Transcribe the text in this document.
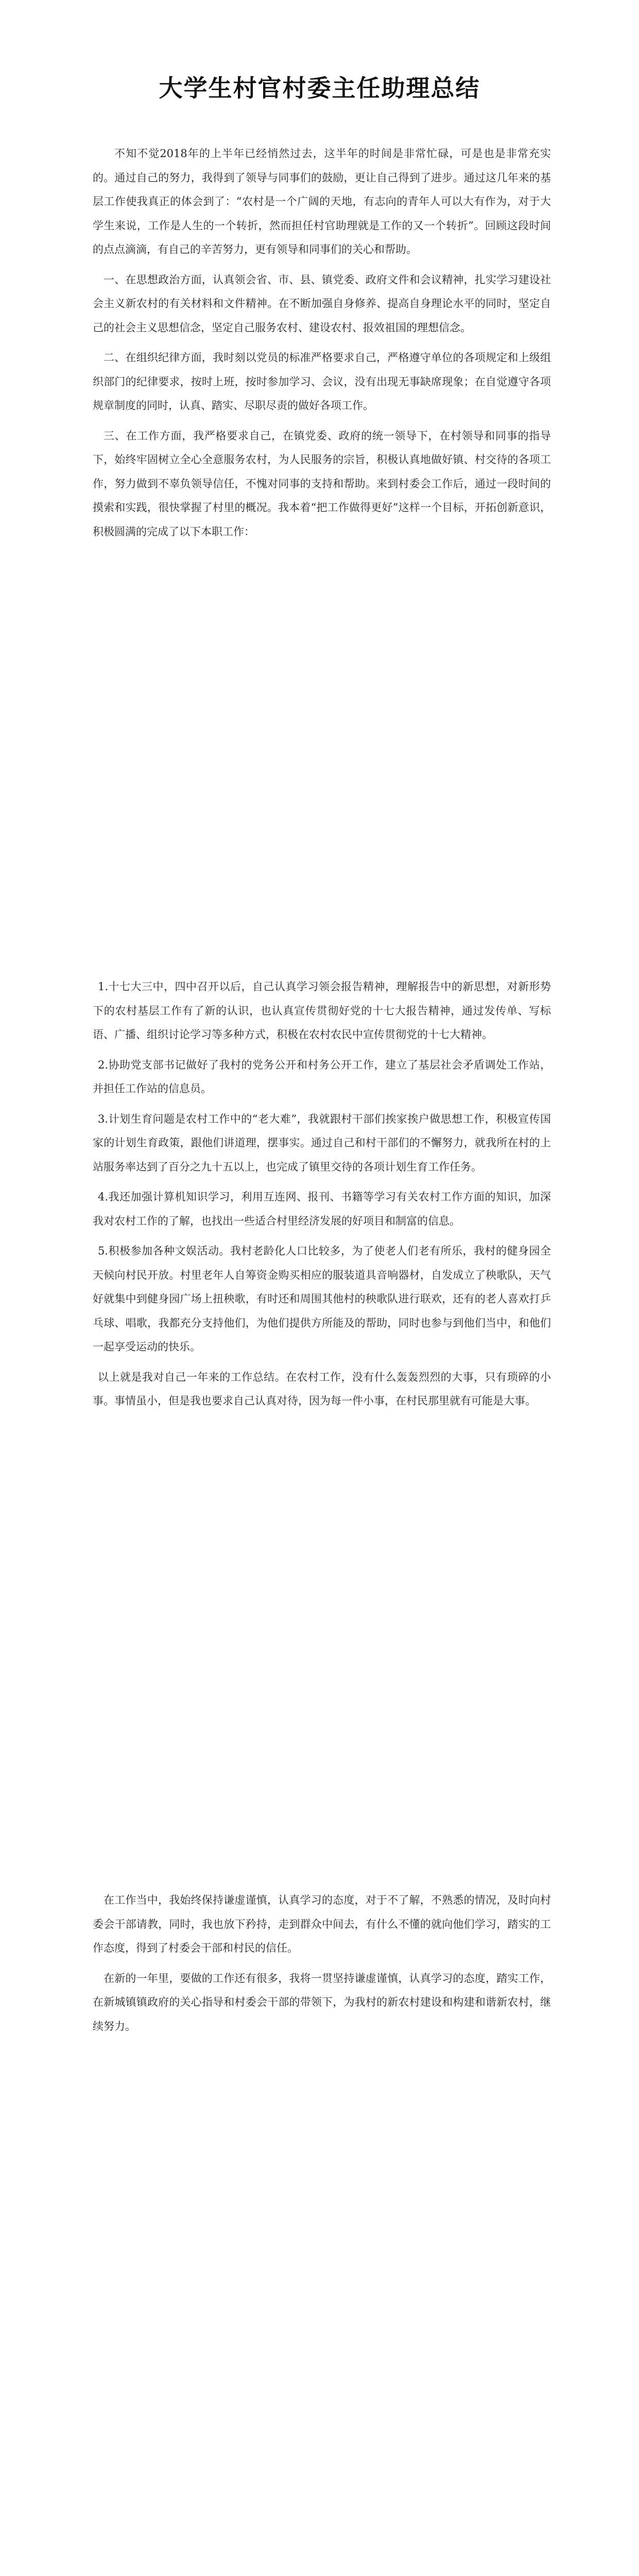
大学生村官村委主任助理总结

不知不觉2018年的上半年已经悄然过去，这半年的时间是非常忙碌，可是也是非常充实的。通过自己的努力，我得到了领导与同事们的鼓励，更让自己得到了进步。通过这几年来的基层工作使我真正的体会到了：“农村是一个广阔的天地，有志向的青年人可以大有作为，对于大学生来说，工作是人生的一个转折，然而担任村官助理就是工作的又一个转折”。回顾这段时间的点点滴滴，有自己的辛苦努力，更有领导和同事们的关心和帮助。

一、在思想政治方面，认真领会省、市、县、镇党委、政府文件和会议精神，扎实学习建设社会主义新农村的有关材料和文件精神。在不断加强自身修养、提高自身理论水平的同时，坚定自己的社会主义思想信念，坚定自己服务农村、建设农村、报效祖国的理想信念。

二、在组织纪律方面，我时刻以党员的标准严格要求自己，严格遵守单位的各项规定和上级组织部门的纪律要求，按时上班，按时参加学习、会议，没有出现无事缺席现象；在自觉遵守各项规章制度的同时，认真、踏实、尽职尽责的做好各项工作。

三、在工作方面，我严格要求自己，在镇党委、政府的统一领导下，在村领导和同事的指导下，始终牢固树立全心全意服务农村，为人民服务的宗旨，积极认真地做好镇、村交待的各项工作，努力做到不辜负领导信任，不愧对同事的支持和帮助。来到村委会工作后，通过一段时间的摸索和实践，很快掌握了村里的概况。我本着“把工作做得更好”这样一个目标，开拓创新意识，积极圆满的完成了以下本职工作：

1.十七大三中，四中召开以后，自己认真学习领会报告精神，理解报告中的新思想，对新形势下的农村基层工作有了新的认识，也认真宣传贯彻好党的十七大报告精神，通过发传单、写标语、广播、组织讨论学习等多种方式，积极在农村农民中宣传贯彻党的十七大精神。

2.协助党支部书记做好了我村的党务公开和村务公开工作，建立了基层社会矛盾调处工作站，并担任工作站的信息员。

3.计划生育问题是农村工作中的“老大难”，我就跟村干部们挨家挨户做思想工作，积极宣传国家的计划生育政策，跟他们讲道理，摆事实。通过自己和村干部们的不懈努力，就我所在村的上站服务率达到了百分之九十五以上，也完成了镇里交待的各项计划生育工作任务。

4.我还加强计算机知识学习，利用互连网、报刊、书籍等学习有关农村工作方面的知识，加深我对农村工作的了解，也找出一些适合村里经济发展的好项目和制富的信息。

5.积极参加各种文娱活动。我村老龄化人口比较多，为了使老人们老有所乐，我村的健身园全天候向村民开放。村里老年人自筹资金购买相应的服装道具音响器材，自发成立了秧歌队，天气好就集中到健身园广场上扭秧歌，有时还和周围其他村的秧歌队进行联欢，还有的老人喜欢打乒乓球、唱歌，我都充分支持他们，为他们提供方所能及的帮助，同时也参与到他们当中，和他们一起享受运动的快乐。

以上就是我对自己一年来的工作总结。在农村工作，没有什么轰轰烈烈的大事，只有琐碎的小事。事情虽小，但是我也要求自己认真对待，因为每一件小事，在村民那里就有可能是大事。

在工作当中，我始终保持谦虚谨慎，认真学习的态度，对于不了解，不熟悉的情况，及时向村委会干部请教，同时，我也放下矜持，走到群众中间去，有什么不懂的就向他们学习，踏实的工作态度，得到了村委会干部和村民的信任。

在新的一年里，要做的工作还有很多，我将一贯坚持谦虚谨慎，认真学习的态度，踏实工作，在新城镇镇政府的关心指导和村委会干部的带领下，为我村的新农村建设和构建和谐新农村，继续努力。
